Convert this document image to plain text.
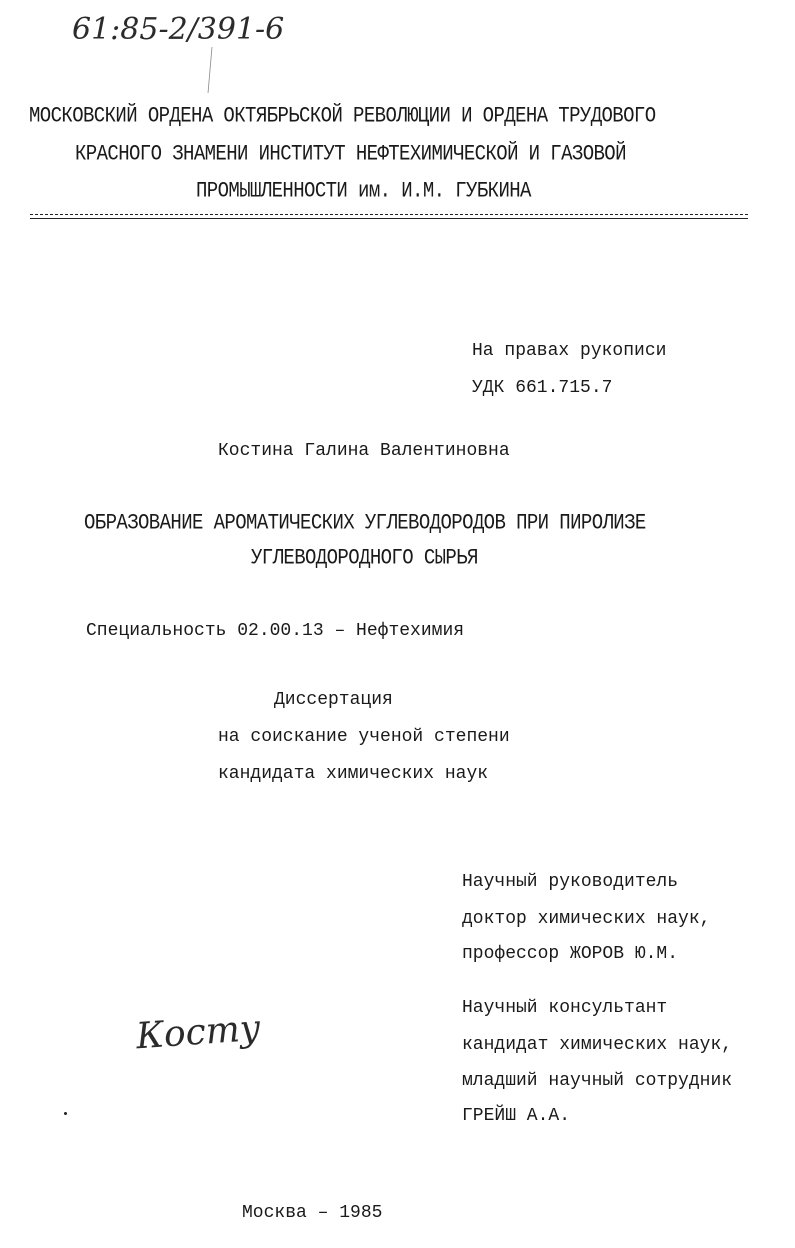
61:85-2/391-6
МОСКОВСКИЙ ОРДЕНА ОКТЯБРЬСКОЙ РЕВОЛЮЦИИ И ОРДЕНА ТРУДОВОГО
КРАСНОГО ЗНАМЕНИ ИНСТИТУТ НЕФТЕХИМИЧЕСКОЙ И ГАЗОВОЙ
ПРОМЫШЛЕННОСТИ им. И.М. ГУБКИНА
На правах рукописи
УДК 661.715.7
Костина Галина Валентиновна
ОБРАЗОВАНИЕ АРОМАТИЧЕСКИХ УГЛЕВОДОРОДОВ ПРИ ПИРОЛИЗЕ
УГЛЕВОДОРОДНОГО СЫРЬЯ
Специальность 02.00.13 – Нефтехимия
Диссертация
на соискание ученой степени
кандидата химических наук
Научный руководитель
доктор химических наук,
профессор ЖОРОВ Ю.М.
Научный консультант
кандидат химических наук,
младший научный сотрудник
ГРЕЙШ А.А.
Косту
Москва – 1985
